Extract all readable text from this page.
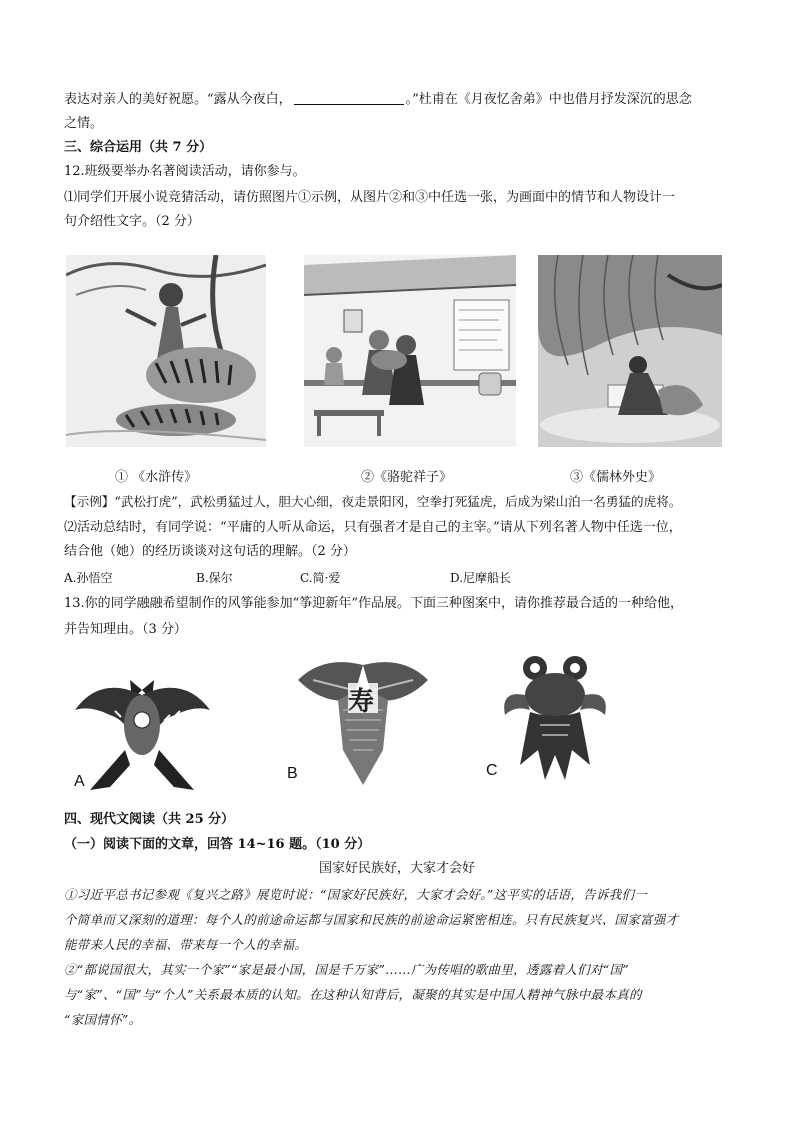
表达对亲人的美好祝愿。“露从今夜白，	。”杜甫在《月夜忆舍弟》中也借月抒发深沉的思念
之情。
三、综合运用（共 7 分）
12.班级要举办名著阅读活动，请你参与。
⑴同学们开展小说竞猜活动，请仿照图片①示例，从图片②和③中任选一张，为画面中的情节和人物设计一
句介绍性文字。（2 分）
① 《水浒传》	②《骆驼祥子》	③《儒林外史》
【示例】“武松打虎”，武松勇猛过人，胆大心细，夜走景阳冈，空拳打死猛虎，后成为梁山泊一名勇猛的虎将。
⑵活动总结时，有同学说：“平庸的人听从命运，只有强者才是自己的主宰。”请从下列名著人物中任选一位，
结合他（她）的经历谈谈对这句话的理解。（2 分）
A.孙悟空	B.保尔	C.简·爱	D.尼摩船长
13.你的同学融融希望制作的风筝能参加“筝迎新年”作品展。下面三种图案中，请你推荐最合适的一种给他，
并告知理由。（3 分）
A
寿
B	C
四、现代文阅读（共 25 分）
（一）阅读下面的文章，回答 14~16 题。（10 分）
国家好民族好，大家才会好
①习近平总书记参观《复兴之路》展览时说：“国家好民族好，大家才会好。”这平实的话语，告诉我们一
个简单而又深刻的道理：每个人的前途命运都与国家和民族的前途命运紧密相连。只有民族复兴、国家富强才
能带来人民的幸福、带来每一个人的幸福。
②“都说国很大，其实一个家”“家是最小国，国是千万家”……广为传唱的歌曲里，透露着人们对“国”
与“家”、“国”与“个人”关系最本质的认知。在这种认知背后，凝聚的其实是中国人精神气脉中最本真的
“家国情怀”。
